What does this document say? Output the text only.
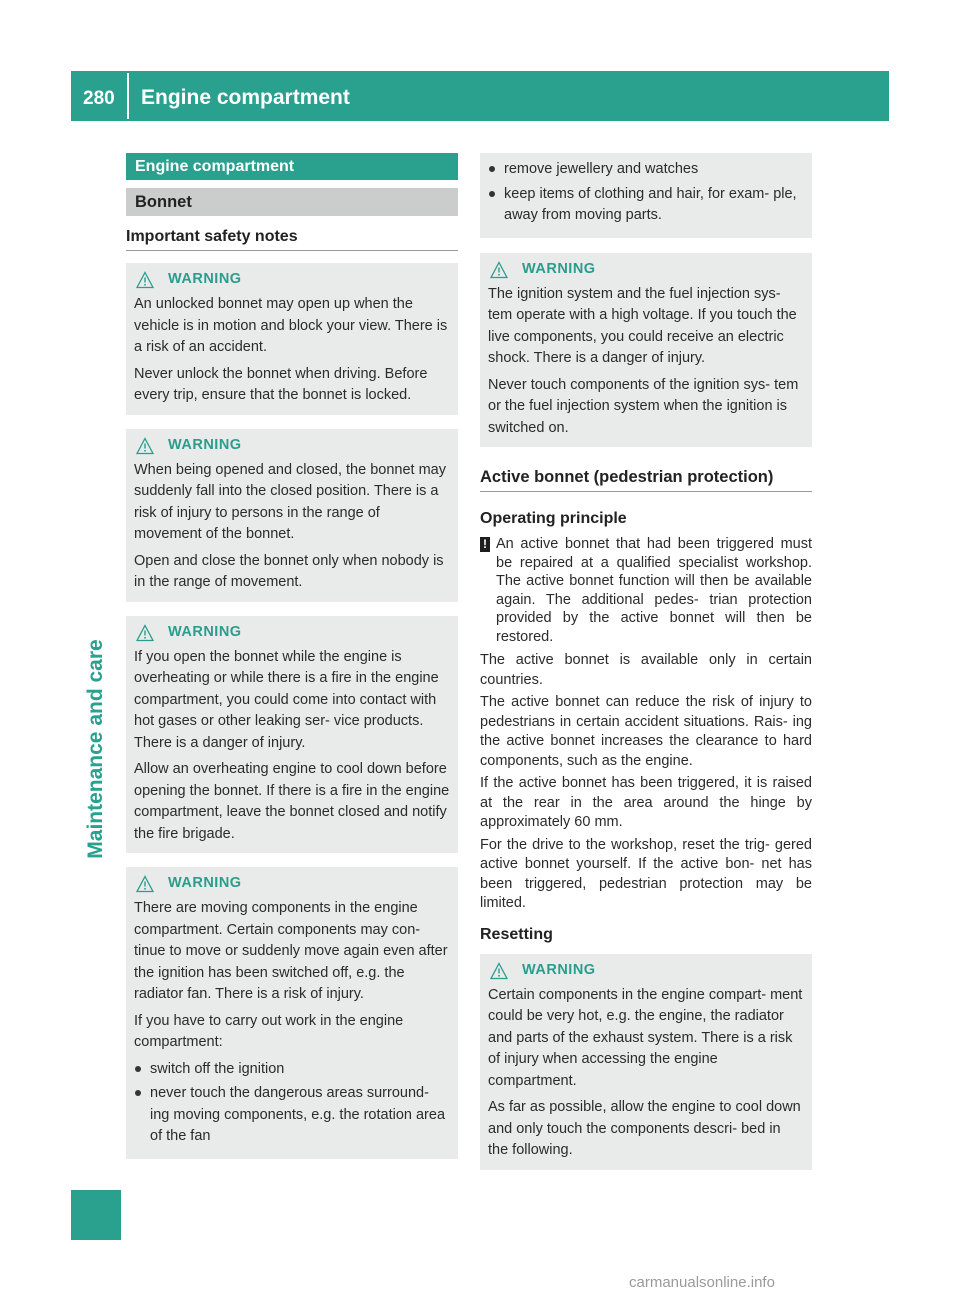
280 Engine compartment
Maintenance and care
Engine compartment
Bonnet
Important safety notes
WARNING

An unlocked bonnet may open up when the vehicle is in motion and block your view. There is a risk of an accident.

Never unlock the bonnet when driving. Before every trip, ensure that the bonnet is locked.

WARNING

When being opened and closed, the bonnet may suddenly fall into the closed position. There is a risk of injury to persons in the range of movement of the bonnet.

Open and close the bonnet only when nobody is in the range of movement.

WARNING

If you open the bonnet while the engine is overheating or while there is a fire in the engine compartment, you could come into contact with hot gases or other leaking ser- vice products. There is a danger of injury.

Allow an overheating engine to cool down before opening the bonnet. If there is a fire in the engine compartment, leave the bonnet closed and notify the fire brigade.

WARNING

There are moving components in the engine compartment. Certain components may con- tinue to move or suddenly move again even after the ignition has been switched off, e.g. the radiator fan. There is a risk of injury.

If you have to carry out work in the engine compartment:

switch off the ignition
never touch the dangerous areas surround- ing moving components, e.g. the rotation area of the fan
remove jewellery and watches
keep items of clothing and hair, for exam- ple, away from moving parts.
WARNING

The ignition system and the fuel injection sys- tem operate with a high voltage. If you touch the live components, you could receive an electric shock. There is a danger of injury.

Never touch components of the ignition sys- tem or the fuel injection system when the ignition is switched on.

Active bonnet (pedestrian protection)
Operating principle
! An active bonnet that had been triggered must be repaired at a qualified specialist workshop. The active bonnet function will then be available again. The additional pedes- trian protection provided by the active bonnet will then be restored.

The active bonnet is available only in certain countries.

The active bonnet can reduce the risk of injury to pedestrians in certain accident situations. Rais- ing the active bonnet increases the clearance to hard components, such as the engine.

If the active bonnet has been triggered, it is raised at the rear in the area around the hinge by approximately 60 mm.

For the drive to the workshop, reset the trig- gered active bonnet yourself. If the active bon- net has been triggered, pedestrian protection may be limited.

Resetting
WARNING

Certain components in the engine compart- ment could be very hot, e.g. the engine, the radiator and parts of the exhaust system. There is a risk of injury when accessing the engine compartment.

As far as possible, allow the engine to cool down and only touch the components descri- bed in the following.

carmanualsonline.info
